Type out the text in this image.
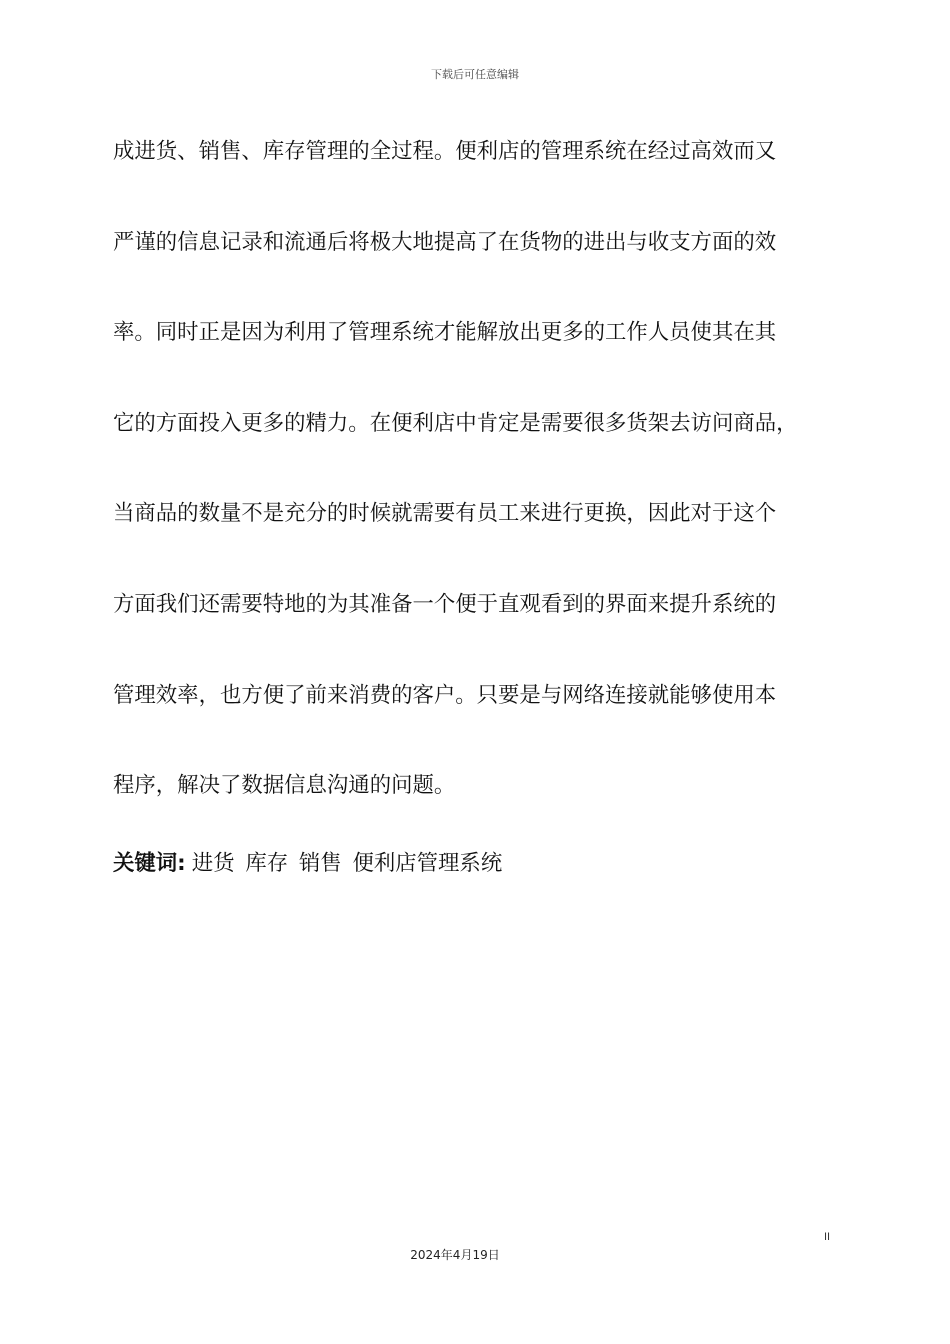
下载后可任意编辑
成进货、销售、库存管理的全过程。便利店的管理系统在经过高效而又
严谨的信息记录和流通后将极大地提高了在货物的进出与收支方面的效
率。同时正是因为利用了管理系统才能解放出更多的工作人员使其在其
它的方面投入更多的精力。在便利店中肯定是需要很多货架去访问商品，
当商品的数量不是充分的时候就需要有员工来进行更换，因此对于这个
方面我们还需要特地的为其准备一个便于直观看到的界面来提升系统的
管理效率，也方便了前来消费的客户。只要是与网络连接就能够使用本
程序，解决了数据信息沟通的问题。
关键词: 进货 库存 销售 便利店管理系统
II
2024年4月19日
